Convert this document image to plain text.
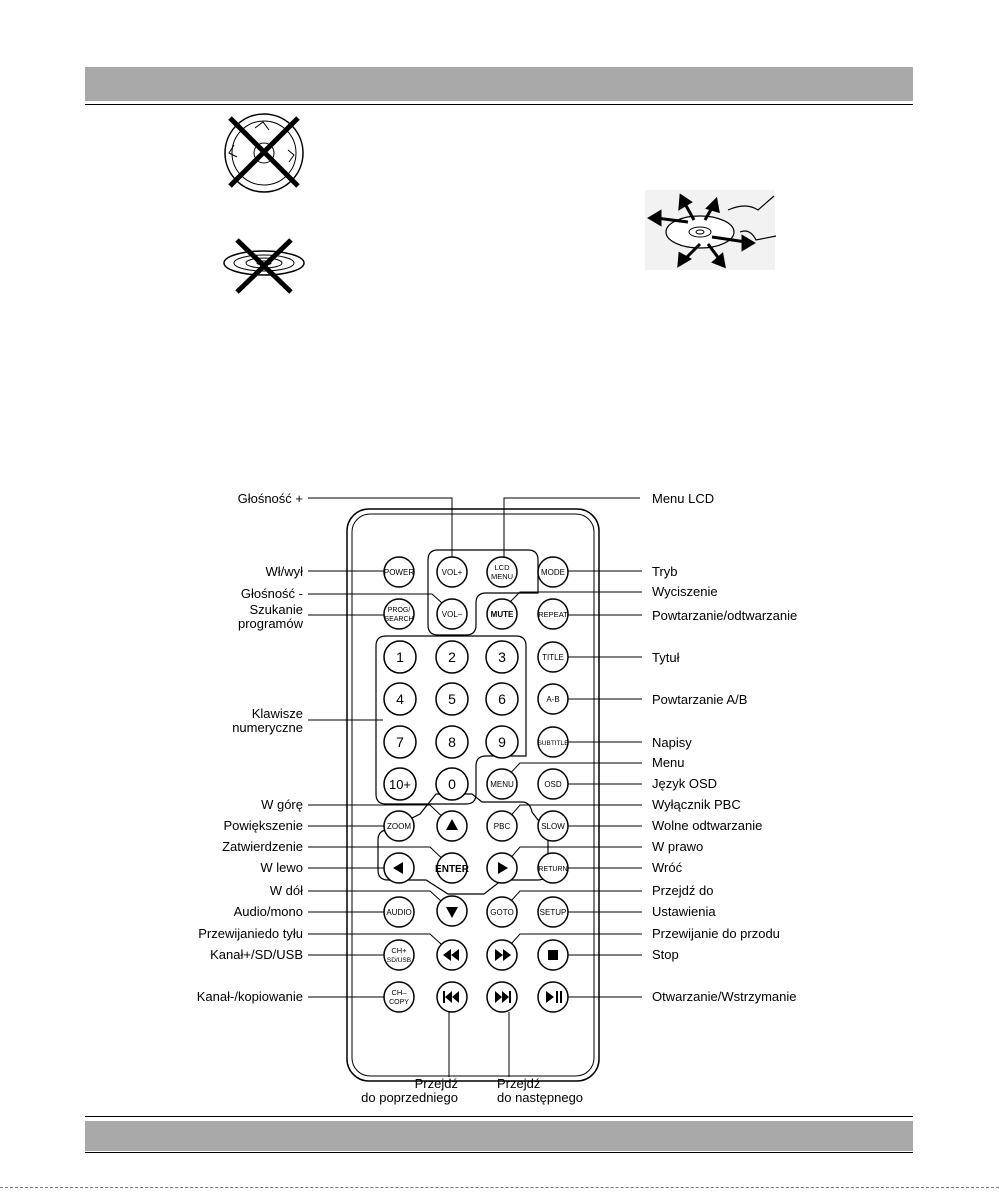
POWER	VOL+
LCD
MENU	MODE
PROG/
SEARCH
VOL–	MUTE	REPEAT
1	2	3	TITLE
4	5	6	A-B
7	8	9	SUBTITLE
10+	0	MENU	OSD
ZOOM	PBC	SLOW
ENTER	RETURN
AUDIO	GOTO	SETUP
CH+
SD/USB
CH–
COPY
Głośność +
Wł/wył
Głośność -
Szukanie
programów
Klawisze
numeryczne
W górę
Powiększenie
Zatwierdzenie
W lewo
W dół
Audio/mono
Przewijaniedo tyłu
Kanał+/SD/USB
Kanał-/kopiowanie
Menu LCD
Tryb
Wyciszenie
Powtarzanie/odtwarzanie
Tytuł
Powtarzanie A/B
Napisy
Menu
Język OSD
Wyłącznik PBC
Wolne odtwarzanie
W prawo
Wróć
Przejdź do
Ustawienia
Przewijanie do przodu
Stop
Otwarzanie/Wstrzymanie
Przejdź
do poprzedniego
Przejdź
do następnego
